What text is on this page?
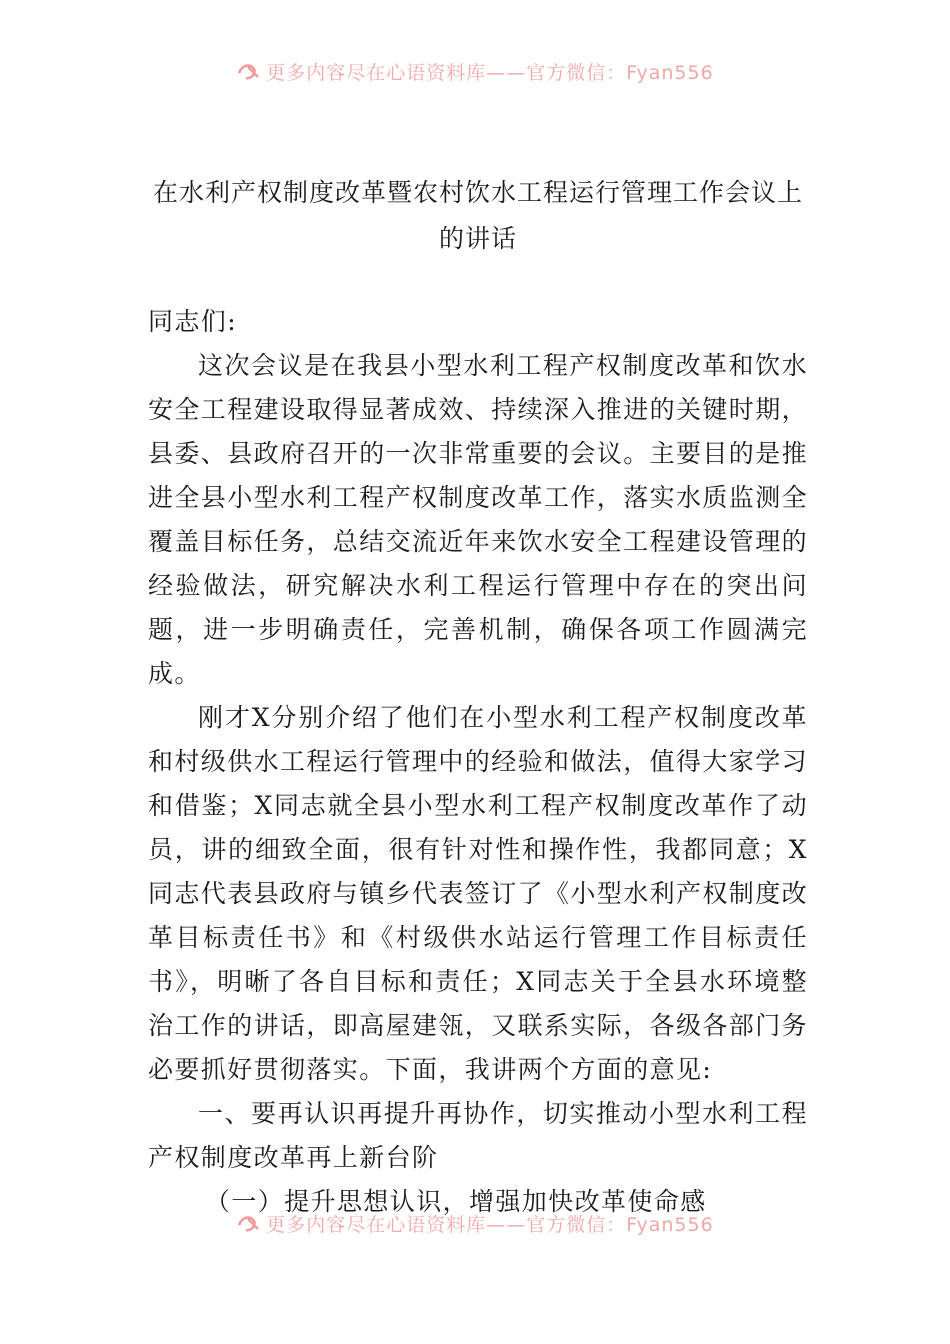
更多内容尽在心语资料库——官方微信：Fyan556
在水利产权制度改革暨农村饮水工程运行管理工作会议上
的讲话

同志们:

这次会议是在我县小型水利工程产权制度改革和饮水安全工程建设取得显著成效、持续深入推进的关键时期，县委、县政府召开的一次非常重要的会议。主要目的是推进全县小型水利工程产权制度改革工作，落实水质监测全覆盖目标任务，总结交流近年来饮水安全工程建设管理的经验做法，研究解决水利工程运行管理中存在的突出问题，进一步明确责任，完善机制，确保各项工作圆满完成。

刚才X分别介绍了他们在小型水利工程产权制度改革和村级供水工程运行管理中的经验和做法，值得大家学习和借鉴；X同志就全县小型水利工程产权制度改革作了动员，讲的细致全面，很有针对性和操作性，我都同意；X同志代表县政府与镇乡代表签订了《小型水利产权制度改革目标责任书》和《村级供水站运行管理工作目标责任书》，明晰了各自目标和责任；X同志关于全县水环境整治工作的讲话，即高屋建瓴，又联系实际，各级各部门务必要抓好贯彻落实。下面，我讲两个方面的意见:

一、要再认识再提升再协作，切实推动小型水利工程产权制度改革再上新台阶

（一）提升思想认识，增强加快改革使命感

更多内容尽在心语资料库——官方微信：Fyan556
